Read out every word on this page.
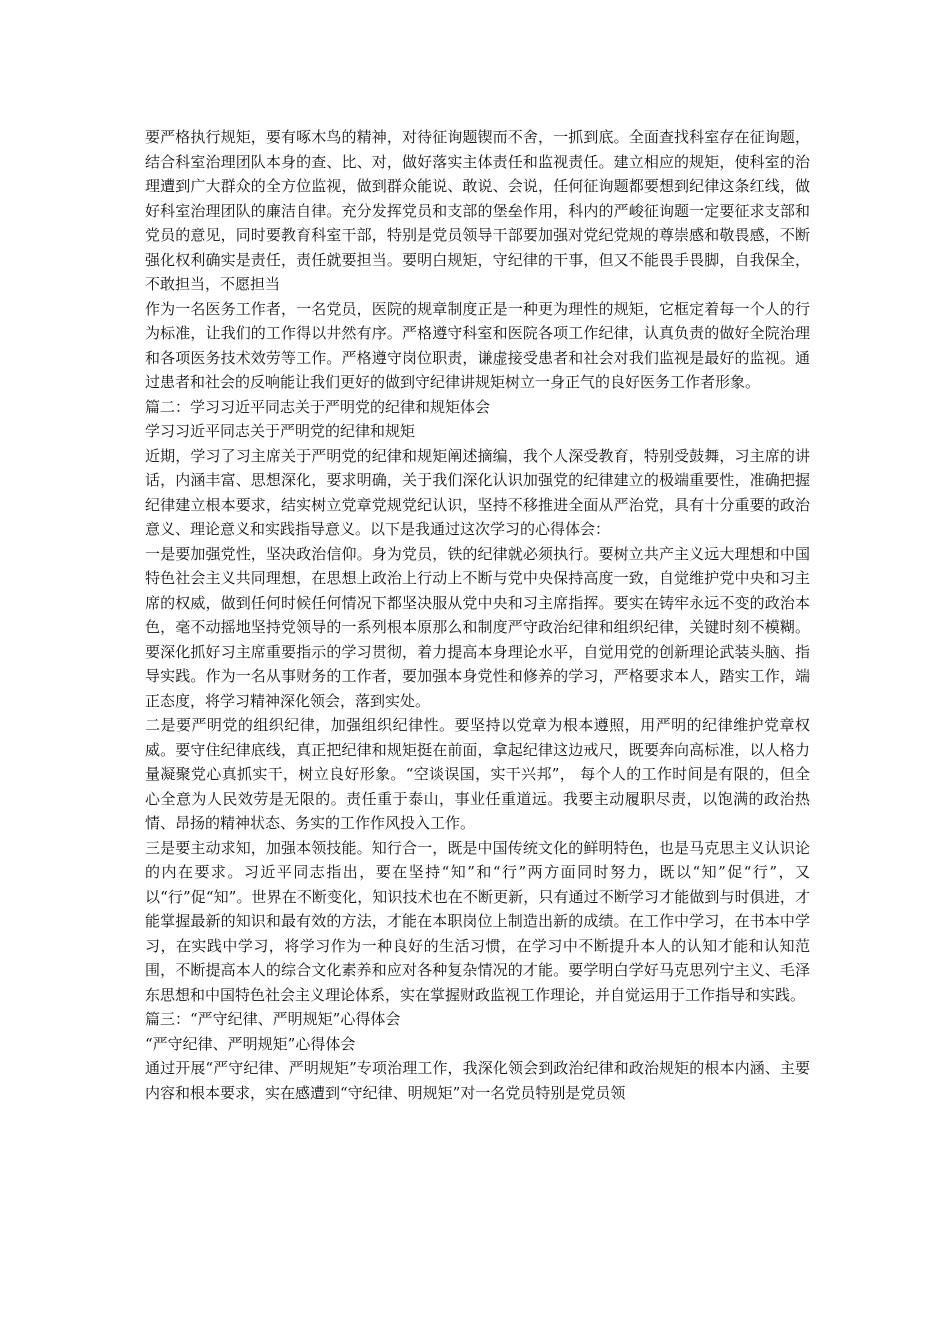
要严格执行规矩，要有啄木鸟的精神，对待征询题锲而不舍，一抓到底。全面查找科室存在征询题，结合科室治理团队本身的查、比、对，做好落实主体责任和监视责任。建立相应的规矩，使科室的治理遭到广大群众的全方位监视，做到群众能说、敢说、会说，任何征询题都要想到纪律这条红线，做好科室治理团队的廉洁自律。充分发挥党员和支部的堡垒作用，科内的严峻征询题一定要征求支部和党员的意见，同时要教育科室干部，特别是党员领导干部要加强对党纪党规的尊崇感和敬畏感，不断强化权利确实是责任，责任就要担当。要明白规矩，守纪律的干事，但又不能畏手畏脚，自我保全，不敢担当，不愿担当

作为一名医务工作者，一名党员，医院的规章制度正是一种更为理性的规矩，它框定着每一个人的行为标准，让我们的工作得以井然有序。严格遵守科室和医院各项工作纪律，认真负责的做好全院治理和各项医务技术效劳等工作。严格遵守岗位职责，谦虚接受患者和社会对我们监视是最好的监视。通过患者和社会的反响能让我们更好的做到守纪律讲规矩树立一身正气的良好医务工作者形象。

篇二：学习习近平同志关于严明党的纪律和规矩体会

学习习近平同志关于严明党的纪律和规矩

近期，学习了习主席关于严明党的纪律和规矩阐述摘编，我个人深受教育，特别受鼓舞，习主席的讲话，内涵丰富、思想深化，要求明确，关于我们深化认识加强党的纪律建立的极端重要性，准确把握纪律建立根本要求，结实树立党章党规党纪认识，坚持不移推进全面从严治党，具有十分重要的政治意义、理论意义和实践指导意义。以下是我通过这次学习的心得体会：

一是要加强党性，坚决政治信仰。身为党员，铁的纪律就必须执行。要树立共产主义远大理想和中国特色社会主义共同理想，在思想上政治上行动上不断与党中央保持高度一致，自觉维护党中央和习主席的权威，做到任何时候任何情况下都坚决服从党中央和习主席指挥。要实在铸牢永远不变的政治本色，毫不动摇地坚持党领导的一系列根本原那么和制度严守政治纪律和组织纪律，关键时刻不模糊。要深化抓好习主席重要指示的学习贯彻，着力提高本身理论水平，自觉用党的创新理论武装头脑、指导实践。作为一名从事财务的工作者，要加强本身党性和修养的学习，严格要求本人，踏实工作，端正态度，将学习精神深化领会，落到实处。

二是要严明党的组织纪律，加强组织纪律性。要坚持以党章为根本遵照，用严明的纪律维护党章权威。要守住纪律底线，真正把纪律和规矩挺在前面，拿起纪律这边戒尺，既要奔向高标准，以人格力量凝聚党心真抓实干，树立良好形象。“空谈误国，实干兴邦”， 每个人的工作时间是有限的，但全心全意为人民效劳是无限的。责任重于泰山，事业任重道远。我要主动履职尽责，以饱满的政治热情、昂扬的精神状态、务实的工作作风投入工作。

三是要主动求知，加强本领技能。知行合一，既是中国传统文化的鲜明特色，也是马克思主义认识论的内在要求。习近平同志指出，要在坚持“知”和“行”两方面同时努力，既以“知”促“行”，又以“行”促“知”。世界在不断变化，知识技术也在不断更新，只有通过不断学习才能做到与时俱进，才能掌握最新的知识和最有效的方法，才能在本职岗位上制造出新的成绩。在工作中学习，在书本中学习，在实践中学习，将学习作为一种良好的生活习惯，在学习中不断提升本人的认知才能和认知范围，不断提高本人的综合文化素养和应对各种复杂情况的才能。要学明白学好马克思列宁主义、毛泽东思想和中国特色社会主义理论体系，实在掌握财政监视工作理论，并自觉运用于工作指导和实践。

篇三：“严守纪律、严明规矩”心得体会

“严守纪律、严明规矩”心得体会

通过开展“严守纪律、严明规矩”专项治理工作，我深化领会到政治纪律和政治规矩的根本内涵、主要内容和根本要求，实在感遭到“守纪律、明规矩”对一名党员特别是党员领
